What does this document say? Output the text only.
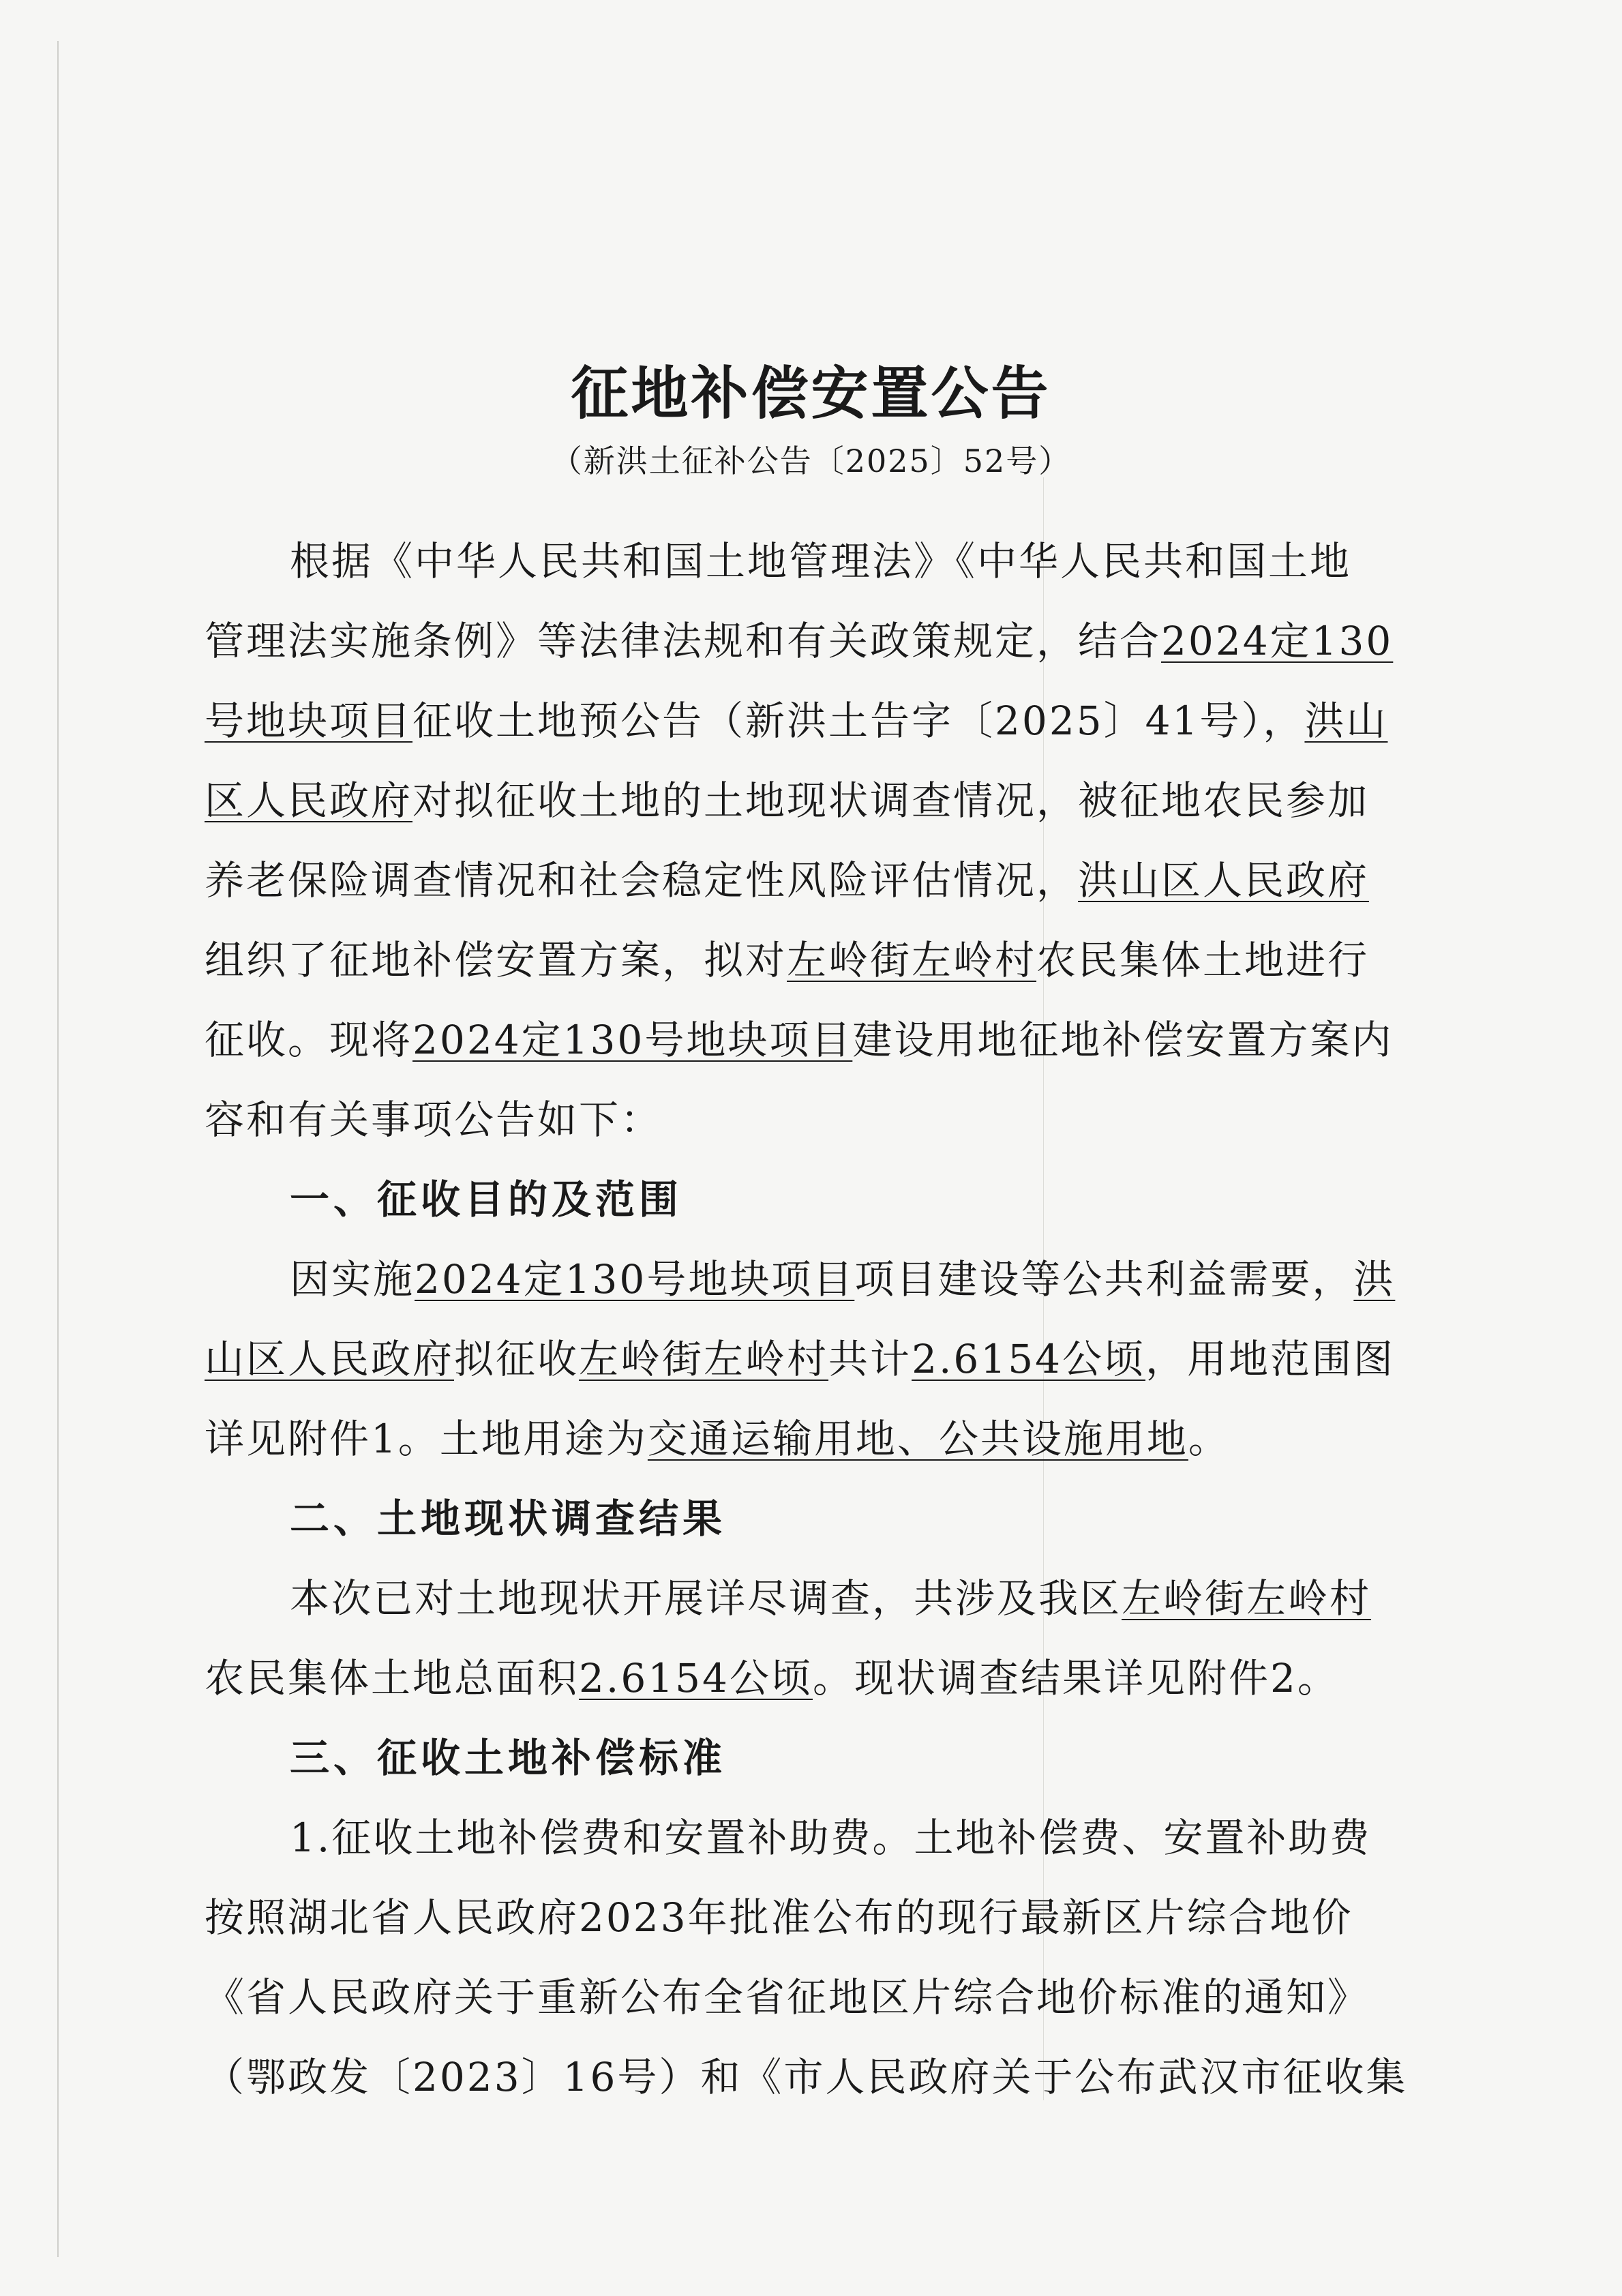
征地补偿安置公告
（新洪土征补公告〔2025〕52号）
根据《中华人民共和国土地管理法》《中华人民共和国土地
管理法实施条例》等法律法规和有关政策规定，结合2024定130
号地块项目征收土地预公告（新洪土告字〔2025〕41号），洪山
区人民政府对拟征收土地的土地现状调查情况，被征地农民参加
养老保险调查情况和社会稳定性风险评估情况，洪山区人民政府
组织了征地补偿安置方案，拟对左岭街左岭村农民集体土地进行
征收。现将2024定130号地块项目建设用地征地补偿安置方案内
容和有关事项公告如下：
一、征收目的及范围
因实施2024定130号地块项目项目建设等公共利益需要，洪
山区人民政府拟征收左岭街左岭村共计2.6154公顷，用地范围图
详见附件1。土地用途为交通运输用地、公共设施用地。
二、土地现状调查结果
本次已对土地现状开展详尽调查，共涉及我区左岭街左岭村
农民集体土地总面积2.6154公顷。现状调查结果详见附件2。
三、征收土地补偿标准
1.征收土地补偿费和安置补助费。土地补偿费、安置补助费
按照湖北省人民政府2023年批准公布的现行最新区片综合地价
《省人民政府关于重新公布全省征地区片综合地价标准的通知》
（鄂政发〔2023〕16号）和《市人民政府关于公布武汉市征收集
